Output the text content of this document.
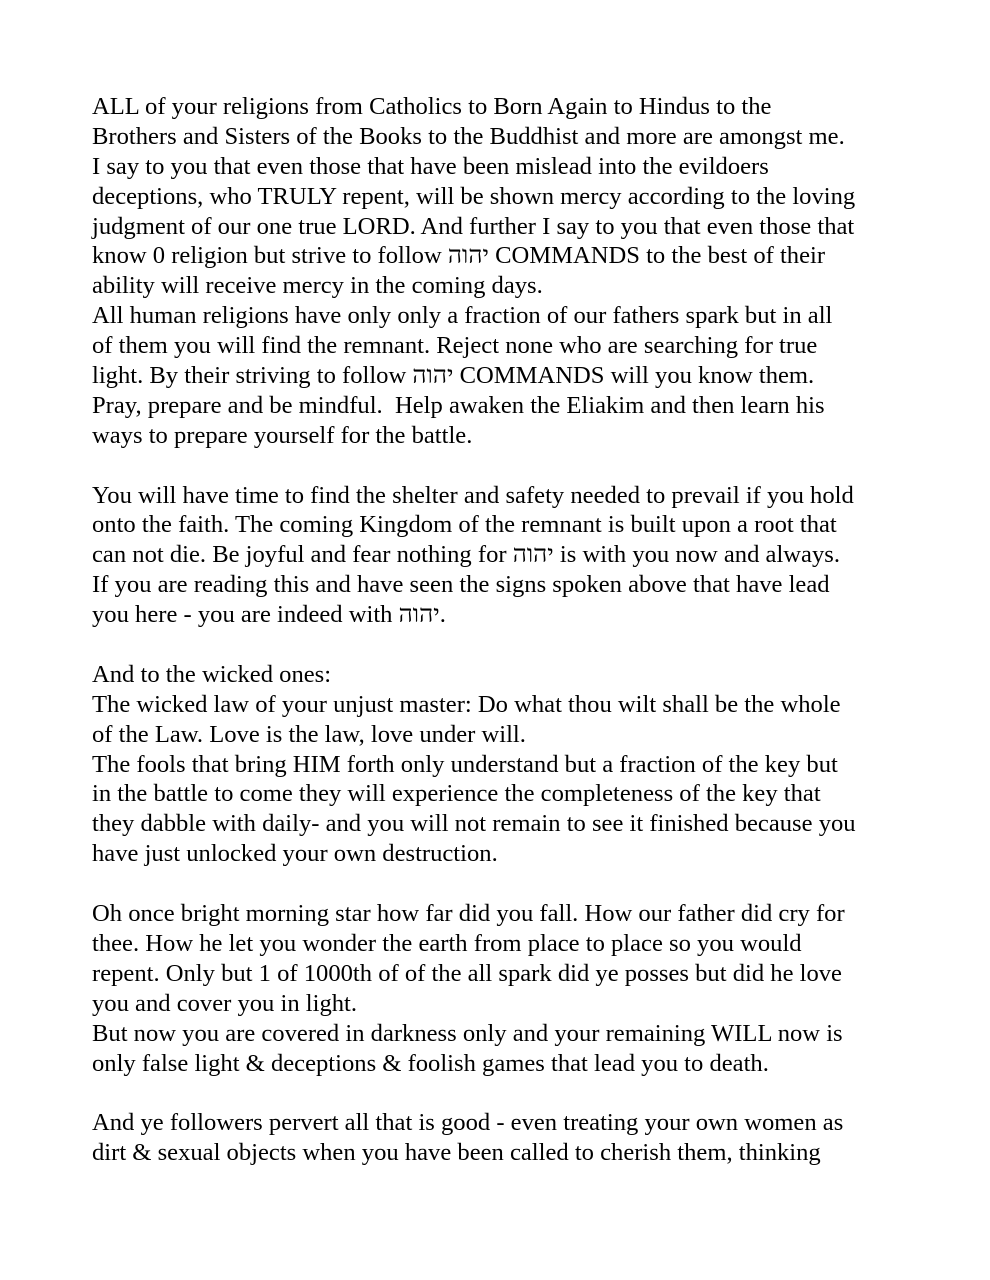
ALL of your religions from Catholics to Born Again to Hindus to the
Brothers and Sisters of the Books to the Buddhist and more are amongst me.
I say to you that even those that have been mislead into the evildoers
deceptions, who TRULY repent, will be shown mercy according to the loving
judgment of our one true LORD. And further I say to you that even those that
know 0 religion but strive to follow יהוה COMMANDS to the best of their
ability will receive mercy in the coming days.
All human religions have only only a fraction of our fathers spark but in all
of them you will find the remnant. Reject none who are searching for true
light. By their striving to follow יהוה COMMANDS will you know them.
Pray, prepare and be mindful.  Help awaken the Eliakim and then learn his
ways to prepare yourself for the battle.
You will have time to find the shelter and safety needed to prevail if you hold
onto the faith. The coming Kingdom of the remnant is built upon a root that
can not die. Be joyful and fear nothing for יהוה is with you now and always.
If you are reading this and have seen the signs spoken above that have lead
you here - you are indeed with יהוה.
And to the wicked ones:
The wicked law of your unjust master: Do what thou wilt shall be the whole
of the Law. Love is the law, love under will.
The fools that bring HIM forth only understand but a fraction of the key but
in the battle to come they will experience the completeness of the key that
they dabble with daily- and you will not remain to see it finished because you
have just unlocked your own destruction.
Oh once bright morning star how far did you fall. How our father did cry for
thee. How he let you wonder the earth from place to place so you would
repent. Only but 1 of 1000th of of the all spark did ye posses but did he love
you and cover you in light.
But now you are covered in darkness only and your remaining WILL now is
only false light & deceptions & foolish games that lead you to death.
And ye followers pervert all that is good - even treating your own women as
dirt & sexual objects when you have been called to cherish them, thinking
